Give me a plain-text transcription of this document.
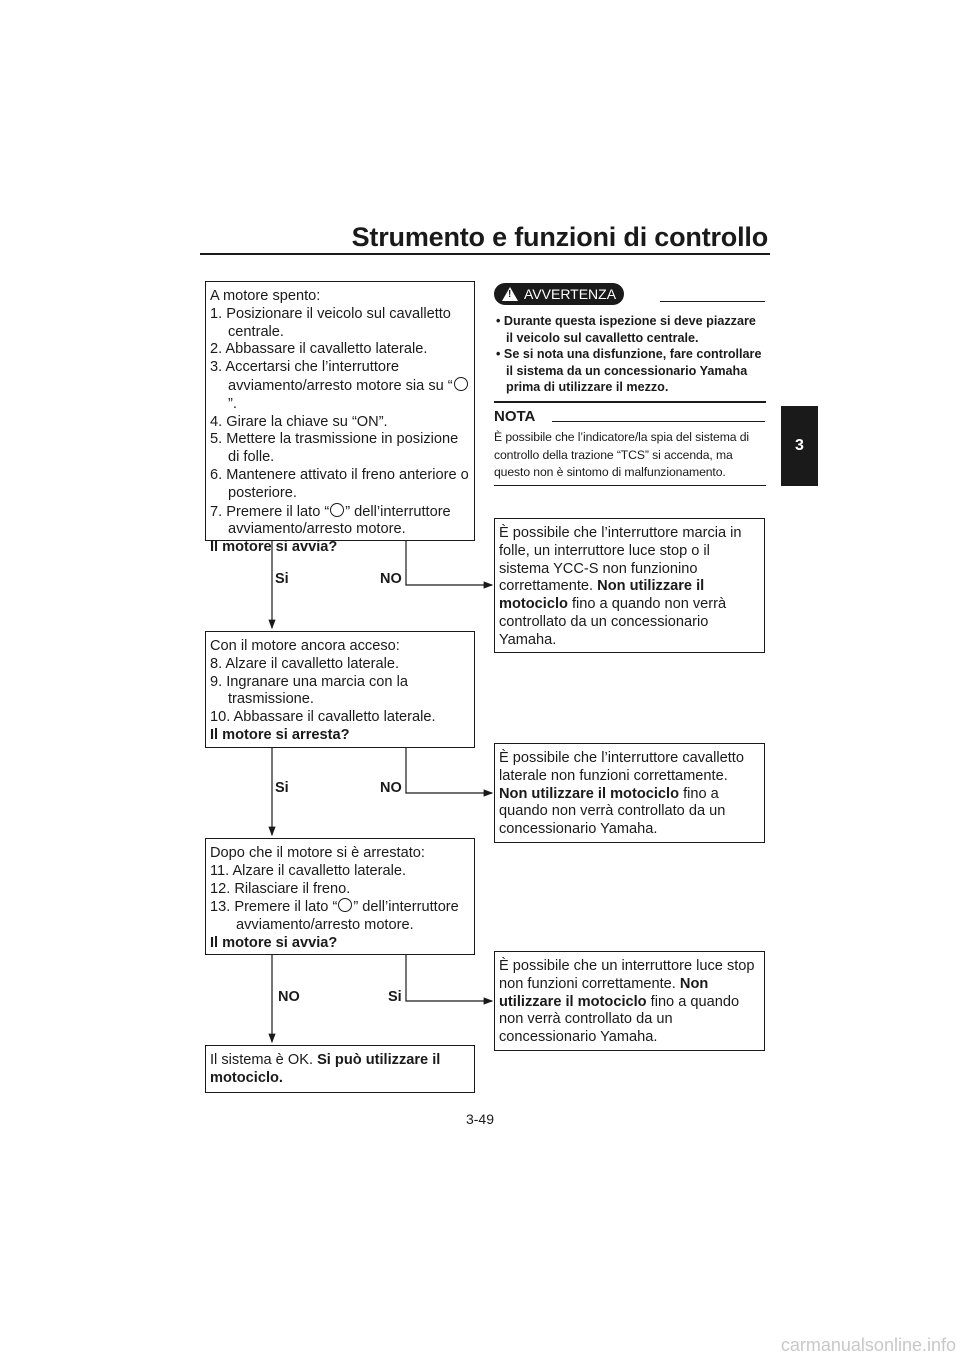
Strumento e funzioni di controllo
3
A motore spento:
1. Posizionare il veicolo sul cavalletto
centrale.
2. Abbassare il cavalletto laterale.
3. Accertarsi che l’interruttore
avviamento/arresto motore sia su “”.
4. Girare la chiave su “ON”.
5. Mettere la trasmissione in posizione
di folle.
6. Mantenere attivato il freno anteriore o
posteriore.
7. Premere il lato “ ” dell’interruttore
avviamento/arresto motore.
Il motore si avvia?
Si	NO
Con il motore ancora acceso:
8. Alzare il cavalletto laterale.
9. Ingranare una marcia con la
trasmissione.
10. Abbassare il cavalletto laterale.
Il motore si arresta?
Si	NO
Dopo che il motore si è arrestato:
11. Alzare il cavalletto laterale.
12. Rilasciare il freno.
13. Premere il lato “ ” dell’interruttore
avviamento/arresto motore.
Il motore si avvia?
NO	Si
Il sistema è OK. Si può utilizzare il motociclo.
È possibile che l’interruttore marcia in folle, un interruttore luce stop o il sistema YCC-S non funzionino correttamente. Non utilizzare il motociclo fino a quando non verrà controllato da un concessionario Yamaha.
È possibile che l’interruttore cavalletto laterale non funzioni correttamente. Non utilizzare il motociclo fino a quando non verrà controllato da un concessionario Yamaha.
È possibile che un interruttore luce stop non funzioni correttamente. Non utilizzare il motociclo fino a quando non verrà controllato da un concessionario Yamaha.
!
AVVERTENZA
• Durante questa ispezione si deve piazzare il veicolo sul cavalletto centrale.
• Se si nota una disfunzione, fare controllare il sistema da un concessionario Yamaha prima di utilizzare il mezzo.
NOTA
È possibile che l’indicatore/la spia del sistema di controllo della trazione “TCS” si accenda, ma questo non è sintomo di malfunzionamento.
3-49
carmanualsonline.info
